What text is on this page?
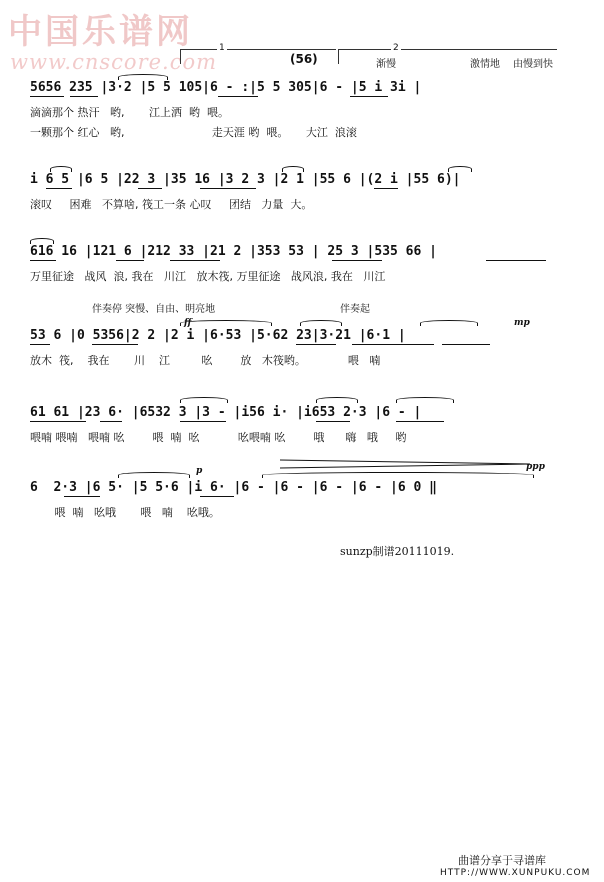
中国乐谱网
www.cnscore.com
1	2
渐慢	激情地 由慢到快
(56)
5656 235 |3·2 |5 5 105|6 - :|5 5 305|6 - |5 i 3i |
滴滴那个 热汗   哟,       江上洒  哟  喂。
一颗那个 红心   哟,                         走天涯 哟  喂。     大江  浪滚
i 6 5 |6 5 |22 3 |35 16 |3 2 3 |2 1 |55 6 |(2 i |55 6)|
滚叹     困难   不算啥, 筏工一条 心叹     团结   力量  大。
616 16 |121 6 |212 33 |21 2 |353 53 | 25 3 |535 66 |
万里征途   战风  浪, 我在   川江   放木筏, 万里征途   战风浪, 我在   川江
伴奏停 突慢、自由、明亮地	伴奏起
53 6 |0 5356|2 2 |2 i |6·53 |5·62 23|3·21 |6·1 |
放木  筏,    我在       川    江         吆        放   木筏哟。            喂   喃
ff	mp
61 61 |23 6· |6532 3 |3 - |i56 i· |i653 2·3 |6 - |
喂喃 喂喃   喂喃 吆        喂  喃  吆           吆喂喃 吆        哦      嗨   哦     哟
6  2·3 |6 5· |5 5·6 |i 6· |6 - |6 - |6 - |6 - |6 0 ‖
喂  喃   吆哦       喂   喃    吆哦。
p	ppp
sunzp制谱20111019.
曲谱分享于寻谱库
HTTP://WWW.XUNPUKU.COM
